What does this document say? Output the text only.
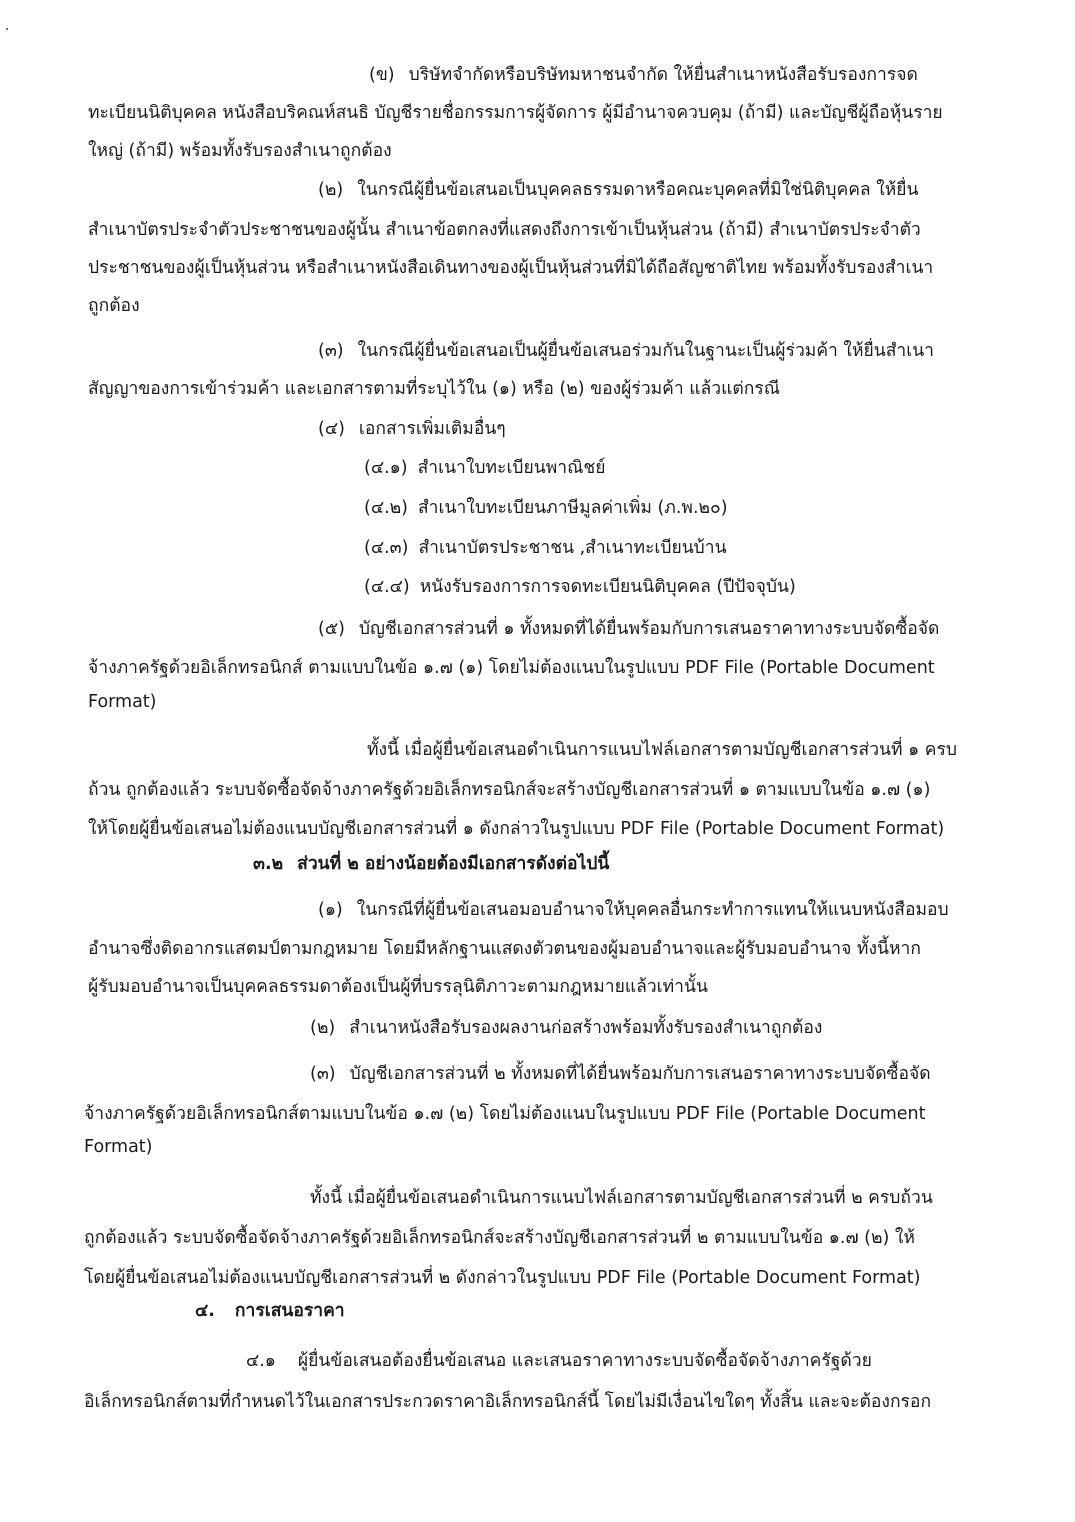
(ข) บริษัทจำกัดหรือบริษัทมหาชนจำกัด ให้ยื่นสำเนาหนังสือรับรองการจด
ทะเบียนนิติบุคคล หนังสือบริคณห์สนธิ บัญชีรายชื่อกรรมการผู้จัดการ ผู้มีอำนาจควบคุม (ถ้ามี) และบัญชีผู้ถือหุ้นราย
ใหญ่ (ถ้ามี) พร้อมทั้งรับรองสำเนาถูกต้อง
(๒) ในกรณีผู้ยื่นข้อเสนอเป็นบุคคลธรรมดาหรือคณะบุคคลที่มิใช่นิติบุคคล ให้ยื่น
สำเนาบัตรประจำตัวประชาชนของผู้นั้น สำเนาข้อตกลงที่แสดงถึงการเข้าเป็นหุ้นส่วน (ถ้ามี) สำเนาบัตรประจำตัว
ประชาชนของผู้เป็นหุ้นส่วน หรือสำเนาหนังสือเดินทางของผู้เป็นหุ้นส่วนที่มิได้ถือสัญชาติไทย พร้อมทั้งรับรองสำเนา
ถูกต้อง
(๓) ในกรณีผู้ยื่นข้อเสนอเป็นผู้ยื่นข้อเสนอร่วมกันในฐานะเป็นผู้ร่วมค้า ให้ยื่นสำเนา
สัญญาของการเข้าร่วมค้า และเอกสารตามที่ระบุไว้ใน (๑) หรือ (๒) ของผู้ร่วมค้า แล้วแต่กรณี
(๔) เอกสารเพิ่มเติมอื่นๆ
(๔.๑) สำเนาใบทะเบียนพาณิชย์
(๔.๒) สำเนาใบทะเบียนภาษีมูลค่าเพิ่ม (ภ.พ.๒๐)
(๔.๓) สำเนาบัตรประชาชน ,สำเนาทะเบียนบ้าน
(๔.๔) หนังรับรองการการจดทะเบียนนิติบุคคล (ปีปัจจุบัน)
(๕) บัญชีเอกสารส่วนที่ ๑ ทั้งหมดที่ได้ยื่นพร้อมกับการเสนอราคาทางระบบจัดซื้อจัด
จ้างภาครัฐด้วยอิเล็กทรอนิกส์ ตามแบบในข้อ ๑.๗ (๑) โดยไม่ต้องแนบในรูปแบบ PDF File (Portable Document
Format)
ทั้งนี้ เมื่อผู้ยื่นข้อเสนอดำเนินการแนบไฟล์เอกสารตามบัญชีเอกสารส่วนที่ ๑ ครบ
ถ้วน ถูกต้องแล้ว ระบบจัดซื้อจัดจ้างภาครัฐด้วยอิเล็กทรอนิกส์จะสร้างบัญชีเอกสารส่วนที่ ๑ ตามแบบในข้อ ๑.๗ (๑)
ให้โดยผู้ยื่นข้อเสนอไม่ต้องแนบบัญชีเอกสารส่วนที่ ๑ ดังกล่าวในรูปแบบ PDF File (Portable Document Format)
๓.๒ ส่วนที่ ๒ อย่างน้อยต้องมีเอกสารดังต่อไปนี้
(๑) ในกรณีที่ผู้ยื่นข้อเสนอมอบอำนาจให้บุคคลอื่นกระทำการแทนให้แนบหนังสือมอบ
อำนาจซึ่งติดอากรแสตมป์ตามกฎหมาย โดยมีหลักฐานแสดงตัวตนของผู้มอบอำนาจและผู้รับมอบอำนาจ ทั้งนี้หาก
ผู้รับมอบอำนาจเป็นบุคคลธรรมดาต้องเป็นผู้ที่บรรลุนิติภาวะตามกฎหมายแล้วเท่านั้น
(๒) สำเนาหนังสือรับรองผลงานก่อสร้างพร้อมทั้งรับรองสำเนาถูกต้อง
(๓) บัญชีเอกสารส่วนที่ ๒ ทั้งหมดที่ได้ยื่นพร้อมกับการเสนอราคาทางระบบจัดซื้อจัด
จ้างภาครัฐด้วยอิเล็กทรอนิกส์ตามแบบในข้อ ๑.๗ (๒) โดยไม่ต้องแนบในรูปแบบ PDF File (Portable Document
Format)
ทั้งนี้ เมื่อผู้ยื่นข้อเสนอดำเนินการแนบไฟล์เอกสารตามบัญชีเอกสารส่วนที่ ๒ ครบถ้วน
ถูกต้องแล้ว ระบบจัดซื้อจัดจ้างภาครัฐด้วยอิเล็กทรอนิกส์จะสร้างบัญชีเอกสารส่วนที่ ๒ ตามแบบในข้อ ๑.๗ (๒) ให้
โดยผู้ยื่นข้อเสนอไม่ต้องแนบบัญชีเอกสารส่วนที่ ๒ ดังกล่าวในรูปแบบ PDF File (Portable Document Format)
๔. การเสนอราคา
๔.๑ ผู้ยื่นข้อเสนอต้องยื่นข้อเสนอ และเสนอราคาทางระบบจัดซื้อจัดจ้างภาครัฐด้วย
อิเล็กทรอนิกส์ตามที่กำหนดไว้ในเอกสารประกวดราคาอิเล็กทรอนิกส์นี้ โดยไม่มีเงื่อนไขใดๆ ทั้งสิ้น และจะต้องกรอก
